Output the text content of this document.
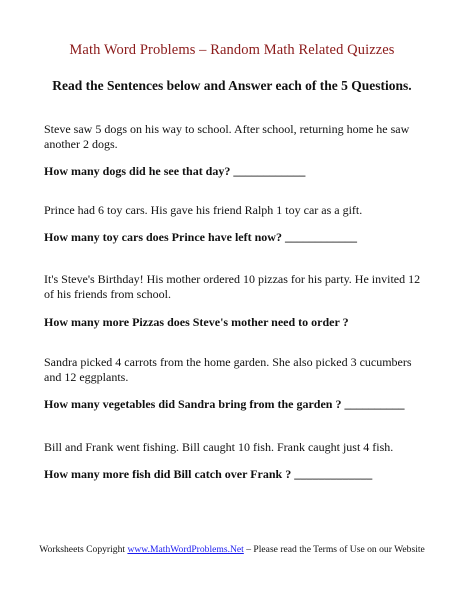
Math Word Problems – Random Math Related Quizzes
Read the Sentences below and Answer each of the 5 Questions.
Steve saw 5 dogs on his way to school. After school, returning home he saw another 2 dogs.
How many dogs did he see that day? ____________
Prince had 6 toy cars. His gave his friend Ralph 1 toy car as a gift.
How many toy cars does Prince have left now? ____________
It's Steve's Birthday! His mother ordered 10 pizzas for his party. He invited 12 of his friends from school.
How many more Pizzas does Steve's mother need to order ?
Sandra picked 4 carrots from the home garden. She also picked 3 cucumbers and 12 eggplants.
How many vegetables did Sandra bring from the garden ? __________
Bill and Frank went fishing. Bill caught 10 fish. Frank caught just 4 fish.
How many more fish did Bill catch over Frank ? _____________
Worksheets Copyright www.MathWordProblems.Net – Please read the Terms of Use on our Website
